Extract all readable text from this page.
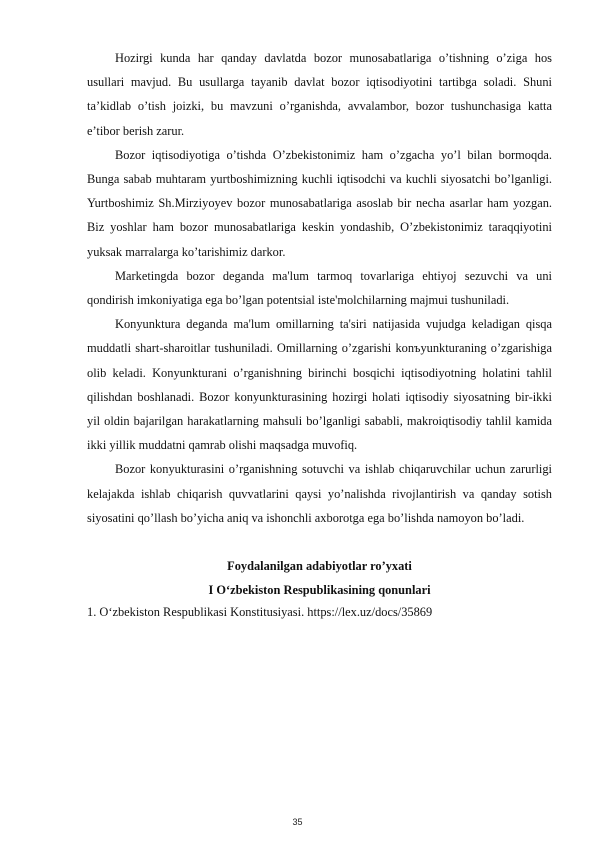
Hozirgi kunda har qanday davlatda bozor munosabatlariga o’tishning o’ziga hos usullari mavjud. Bu usullarga tayanib davlat bozor iqtisodiyotini tartibga soladi. Shuni ta’kidlab o’tish joizki, bu mavzuni o’rganishda, avvalambor, bozor tushunchasiga katta e’tibor berish zarur.

Bozor iqtisodiyotiga o’tishda O’zbekistonimiz ham o’zgacha yo’l bilan bormoqda. Bunga sabab muhtaram yurtboshimizning kuchli iqtisodchi va kuchli siyosatchi bo’lganligi. Yurtboshimiz Sh.Mirziyoyev bozor munosabatlariga asoslab bir necha asarlar ham yozgan. Biz yoshlar ham bozor munosabatlariga keskin yondashib, O’zbekistonimiz taraqqiyotini yuksak marralarga ko’tarishimiz darkor.

Marketingda bozor deganda ma'lum tarmoq tovarlariga ehtiyoj sezuvchi va uni qondirish imkoniyatiga ega bo’lgan potentsial iste'molchilarning majmui tushuniladi.

Konyunktura deganda ma'lum omillarning ta'siri natijasida vujudga keladigan qisqa muddatli shart-sharoitlar tushuniladi. Omillarning o’zgarishi konъyunkturaning o’zgarishiga olib keladi. Konyunkturani o’rganishning birinchi bosqichi iqtisodiyotning holatini tahlil qilishdan boshlanadi. Bozor konyunkturasining hozirgi holati iqtisodiy siyosatning bir-ikki yil oldin bajarilgan harakatlarning mahsuli bo’lganligi sababli, makroiqtisodiy tahlil kamida ikki yillik muddatni qamrab olishi maqsadga muvofiq.

Bozor konyukturasini o’rganishning sotuvchi va ishlab chiqaruvchilar uchun zarurligi kelajakda ishlab chiqarish quvvatlarini qaysi yo’nalishda rivojlantirish va qanday sotish siyosatini qo’llash bo’yicha aniq va ishonchli axborotga ega bo’lishda namoyon bo’ladi.

Foydalanilgan adabiyotlar ro’yxati
I O‘zbekiston Respublikasining qonunlari

1. O‘zbekiston Respublikasi Konstitusiyasi. https://lex.uz/docs/35869

35
